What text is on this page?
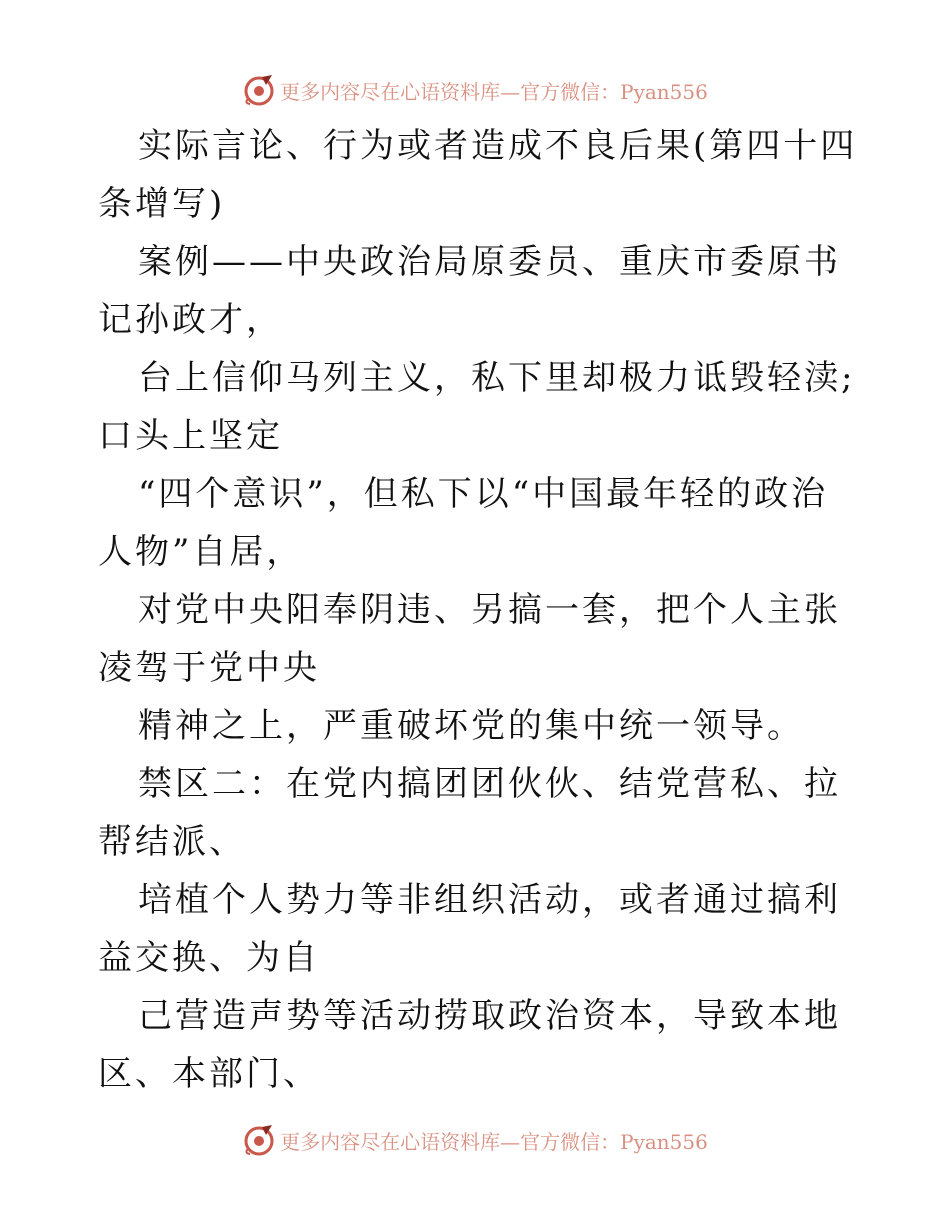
更多内容尽在心语资料库—官方微信：Pyan556

实际言论、行为或者造成不良后果(第四十四条增写)

案例——中央政治局原委员、重庆市委原书记孙政才，

台上信仰马列主义，私下里却极力诋毁轻渎; 口头上坚定

“四个意识”，但私下以“中国最年轻的政治人物”自居，

对党中央阳奉阴违、另搞一套，把个人主张凌驾于党中央

精神之上，严重破坏党的集中统一领导。

禁区二：在党内搞团团伙伙、结党营私、拉帮结派、

培植个人势力等非组织活动，或者通过搞利益交换、为自

己营造声势等活动捞取政治资本，导致本地区、本部门、

更多内容尽在心语资料库—官方微信：Pyan556
